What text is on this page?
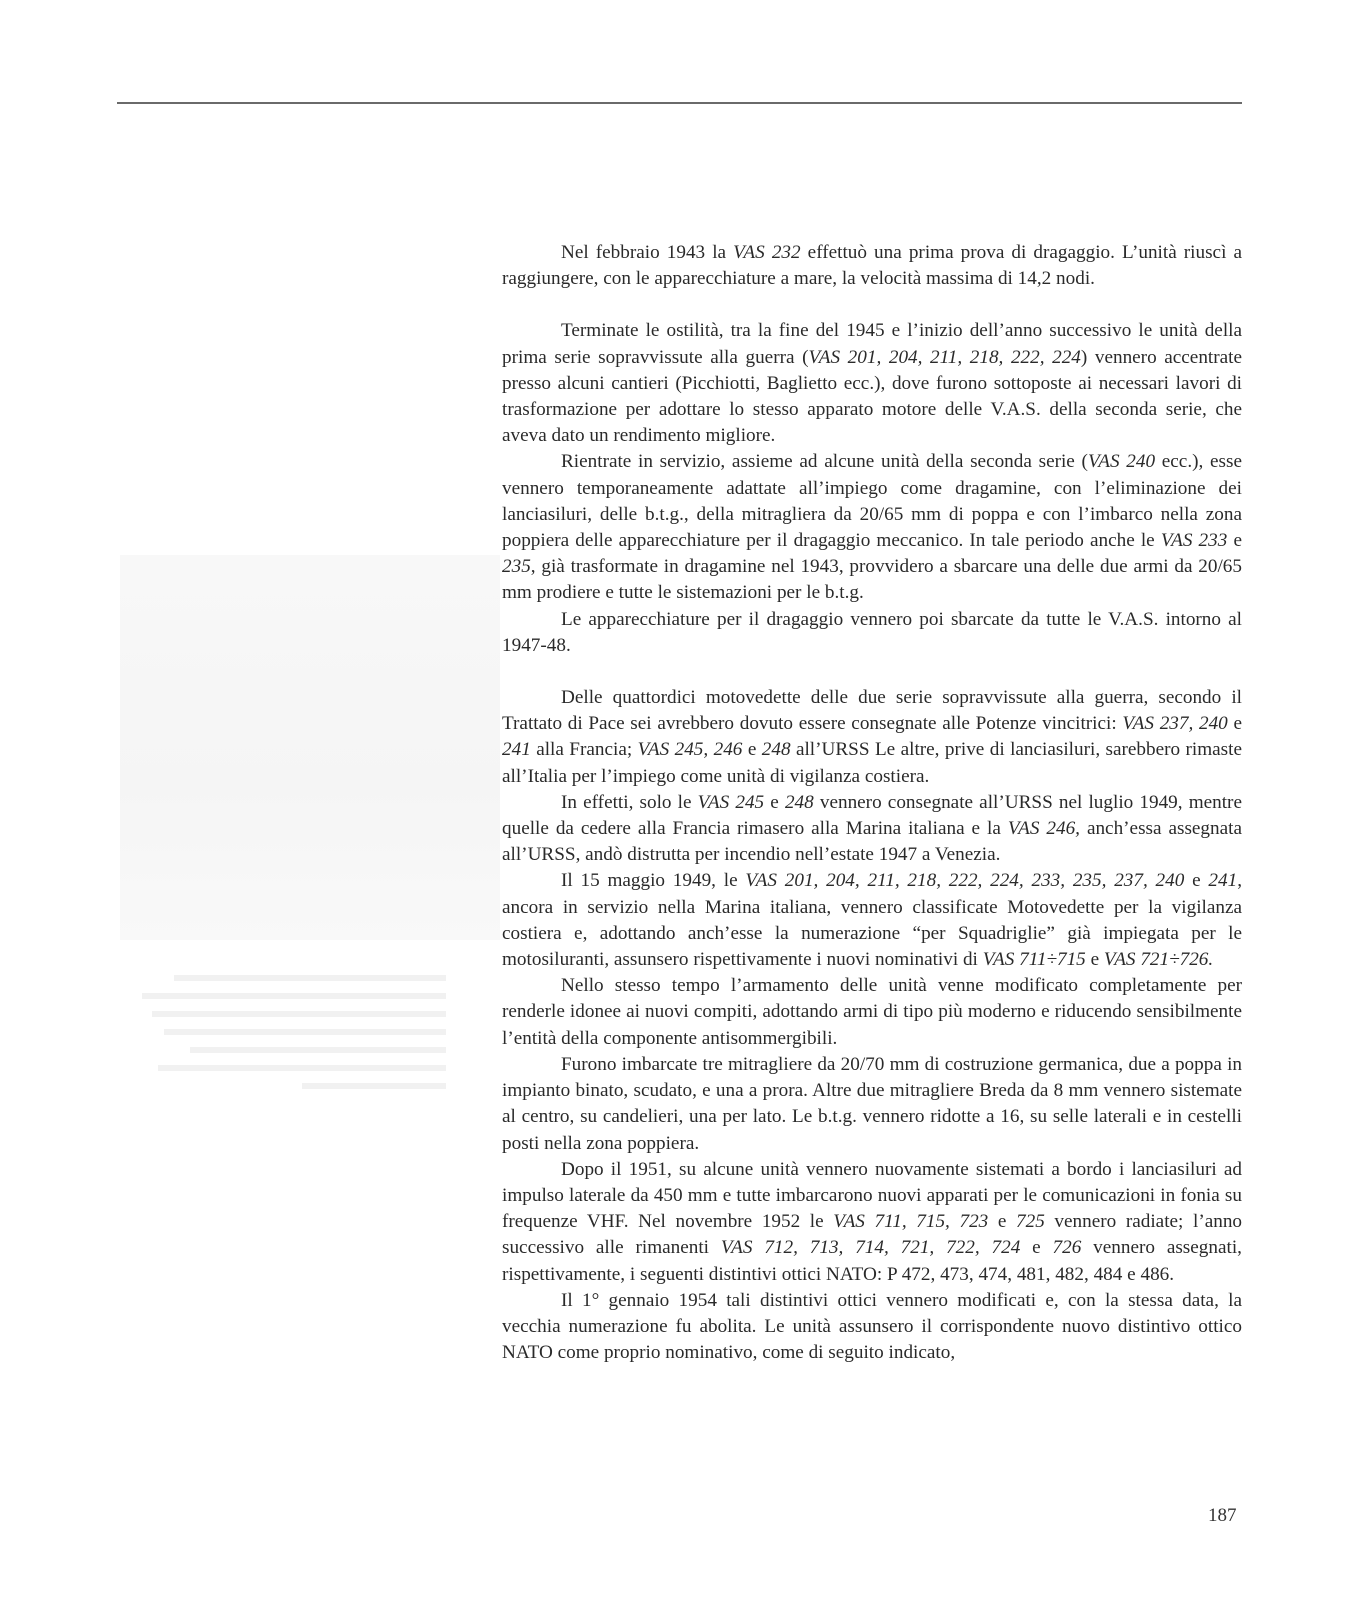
Nel febbraio 1943 la VAS 232 effettuò una prima prova di dragaggio. L’unità riuscì a raggiungere, con le apparecchiature a mare, la velocità massima di 14,2 nodi.

Terminate le ostilità, tra la fine del 1945 e l’inizio dell’anno successivo le unità della prima serie sopravvissute alla guerra (VAS 201, 204, 211, 218, 222, 224) vennero accentrate presso alcuni cantieri (Picchiotti, Baglietto ecc.), dove furono sottoposte ai necessari lavori di trasformazione per adottare lo stesso apparato motore delle V.A.S. della seconda serie, che aveva dato un rendimento migliore.

Rientrate in servizio, assieme ad alcune unità della seconda serie (VAS 240 ecc.), esse vennero temporaneamente adattate all’impiego come dragamine, con l’eliminazione dei lanciasiluri, delle b.t.g., della mitragliera da 20/65 mm di poppa e con l’imbarco nella zona poppiera delle apparecchiature per il dragaggio meccanico. In tale periodo anche le VAS 233 e 235, già trasformate in dragamine nel 1943, provvidero a sbarcare una delle due armi da 20/65 mm prodiere e tutte le sistemazioni per le b.t.g.

Le apparecchiature per il dragaggio vennero poi sbarcate da tutte le V.A.S. intorno al 1947-48.

Delle quattordici motovedette delle due serie sopravvissute alla guerra, secondo il Trattato di Pace sei avrebbero dovuto essere consegnate alle Potenze vincitrici: VAS 237, 240 e 241 alla Francia; VAS 245, 246 e 248 all’URSS Le altre, prive di lanciasiluri, sarebbero rimaste all’Italia per l’impiego come unità di vigilanza costiera.

In effetti, solo le VAS 245 e 248 vennero consegnate all’URSS nel luglio 1949, mentre quelle da cedere alla Francia rimasero alla Marina italiana e la VAS 246, anch’essa assegnata all’URSS, andò distrutta per incendio nell’estate 1947 a Venezia.

Il 15 maggio 1949, le VAS 201, 204, 211, 218, 222, 224, 233, 235, 237, 240 e 241, ancora in servizio nella Marina italiana, vennero classificate Motovedette per la vigilanza costiera e, adottando anch’esse la numerazione “per Squadriglie” già impiegata per le motosiluranti, assunsero rispettivamente i nuovi nominativi di VAS 711÷715 e VAS 721÷726.

Nello stesso tempo l’armamento delle unità venne modificato completamente per renderle idonee ai nuovi compiti, adottando armi di tipo più moderno e riducendo sensibilmente l’entità della componente antisommergibili.

Furono imbarcate tre mitragliere da 20/70 mm di costruzione germanica, due a poppa in impianto binato, scudato, e una a prora. Altre due mitragliere Breda da 8 mm vennero sistemate al centro, su candelieri, una per lato. Le b.t.g. vennero ridotte a 16, su selle laterali e in cestelli posti nella zona poppiera.

Dopo il 1951, su alcune unità vennero nuovamente sistemati a bordo i lanciasiluri ad impulso laterale da 450 mm e tutte imbarcarono nuovi apparati per le comunicazioni in fonia su frequenze VHF. Nel novembre 1952 le VAS 711, 715, 723 e 725 vennero radiate; l’anno successivo alle rimanenti VAS 712, 713, 714, 721, 722, 724 e 726 vennero assegnati, rispettivamente, i seguenti distintivi ottici NATO: P 472, 473, 474, 481, 482, 484 e 486.

Il 1° gennaio 1954 tali distintivi ottici vennero modificati e, con la stessa data, la vecchia numerazione fu abolita. Le unità assunsero il corrispondente nuovo distintivo ottico NATO come proprio nominativo, come di seguito indicato,

187
